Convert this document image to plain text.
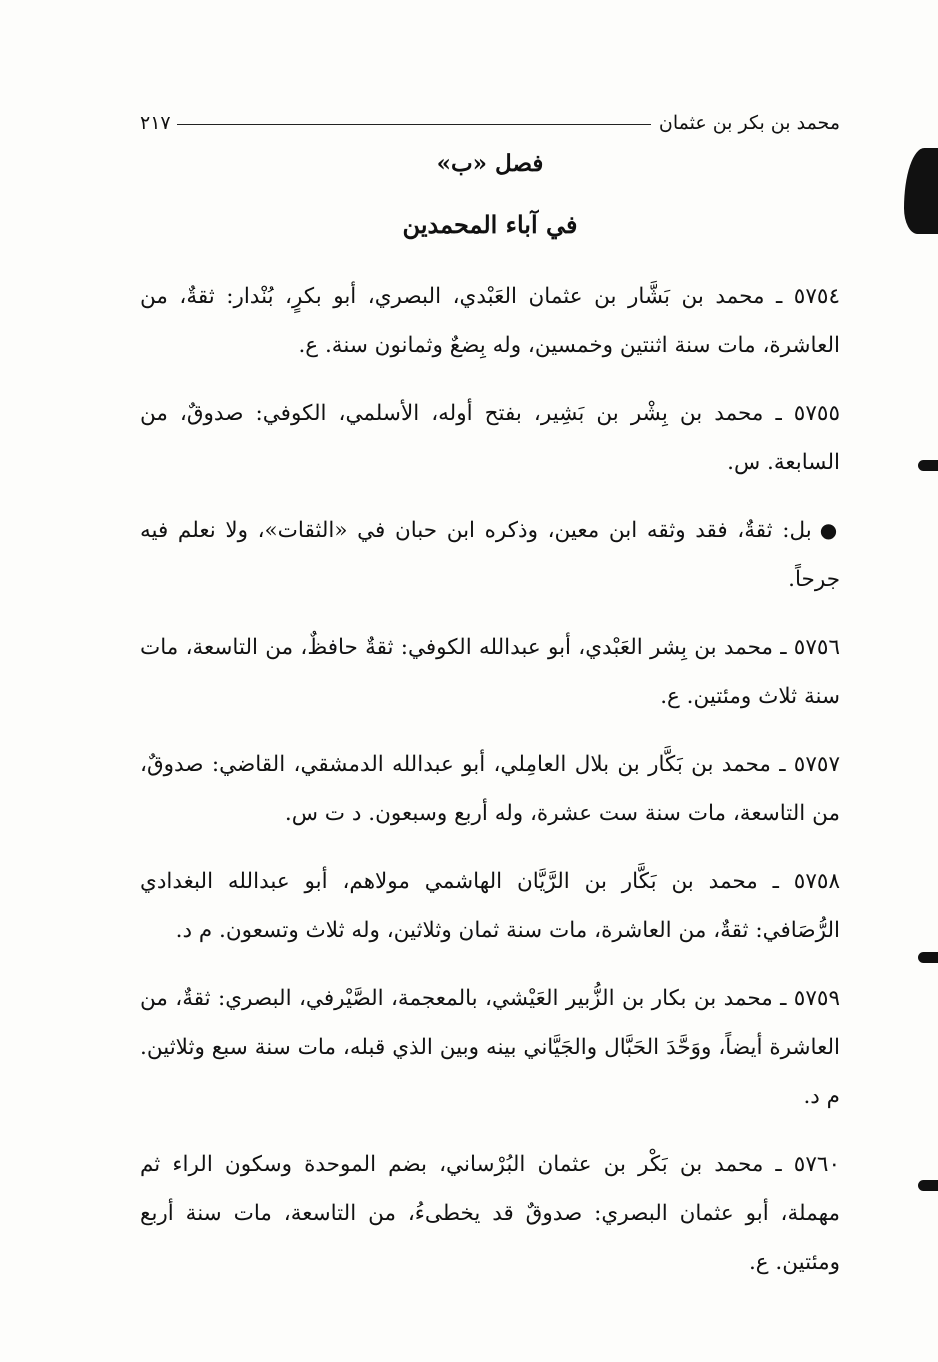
محمد بن بكر بن عثمان
٢١٧
فصل «ب»
في آباء المحمدين

٥٧٥٤ ـ محمد بن بَشَّار بن عثمان العَبْدي، البصري، أبو بكرٍ، بُنْدار: ثقةٌ، من العاشرة، مات سنة اثنتين وخمسين، وله بِضعٌ وثمانون سنة. ع.

٥٧٥٥ ـ محمد بن بِشْر بن بَشِير، بفتح أوله، الأسلمي، الكوفي: صدوقٌ، من السابعة. س.

●بل: ثقةٌ، فقد وثقه ابن معين، وذكره ابن حبان في «الثقات»، ولا نعلم فيه جرحاً.

٥٧٥٦ ـ محمد بن بِشر العَبْدي، أبو عبدالله الكوفي: ثقةٌ حافظٌ، من التاسعة، مات سنة ثلاث ومئتين. ع.

٥٧٥٧ ـ محمد بن بَكَّار بن بلال العامِلي، أبو عبدالله الدمشقي، القاضي: صدوقٌ، من التاسعة، مات سنة ست عشرة، وله أربع وسبعون. د ت س.

٥٧٥٨ ـ محمد بن بَكَّار بن الرَّيَّان الهاشمي مولاهم، أبو عبدالله البغدادي الرُّصَافي: ثقةٌ، من العاشرة، مات سنة ثمان وثلاثين، وله ثلاث وتسعون. م د.

٥٧٥٩ ـ محمد بن بكار بن الزُّبير العَيْشي، بالمعجمة، الصَّيْرفي، البصري: ثقةٌ، من العاشرة أيضاً، ووَحَّدَ الحَبَّال والجَيَّاني بينه وبين الذي قبله، مات سنة سبع وثلاثين. م د.

٥٧٦٠ ـ محمد بن بَكْر بن عثمان البُرْساني، بضم الموحدة وسكون الراء ثم مهملة، أبو عثمان البصري: صدوقٌ قد يخطىءُ، من التاسعة، مات سنة أربع ومئتين. ع.
